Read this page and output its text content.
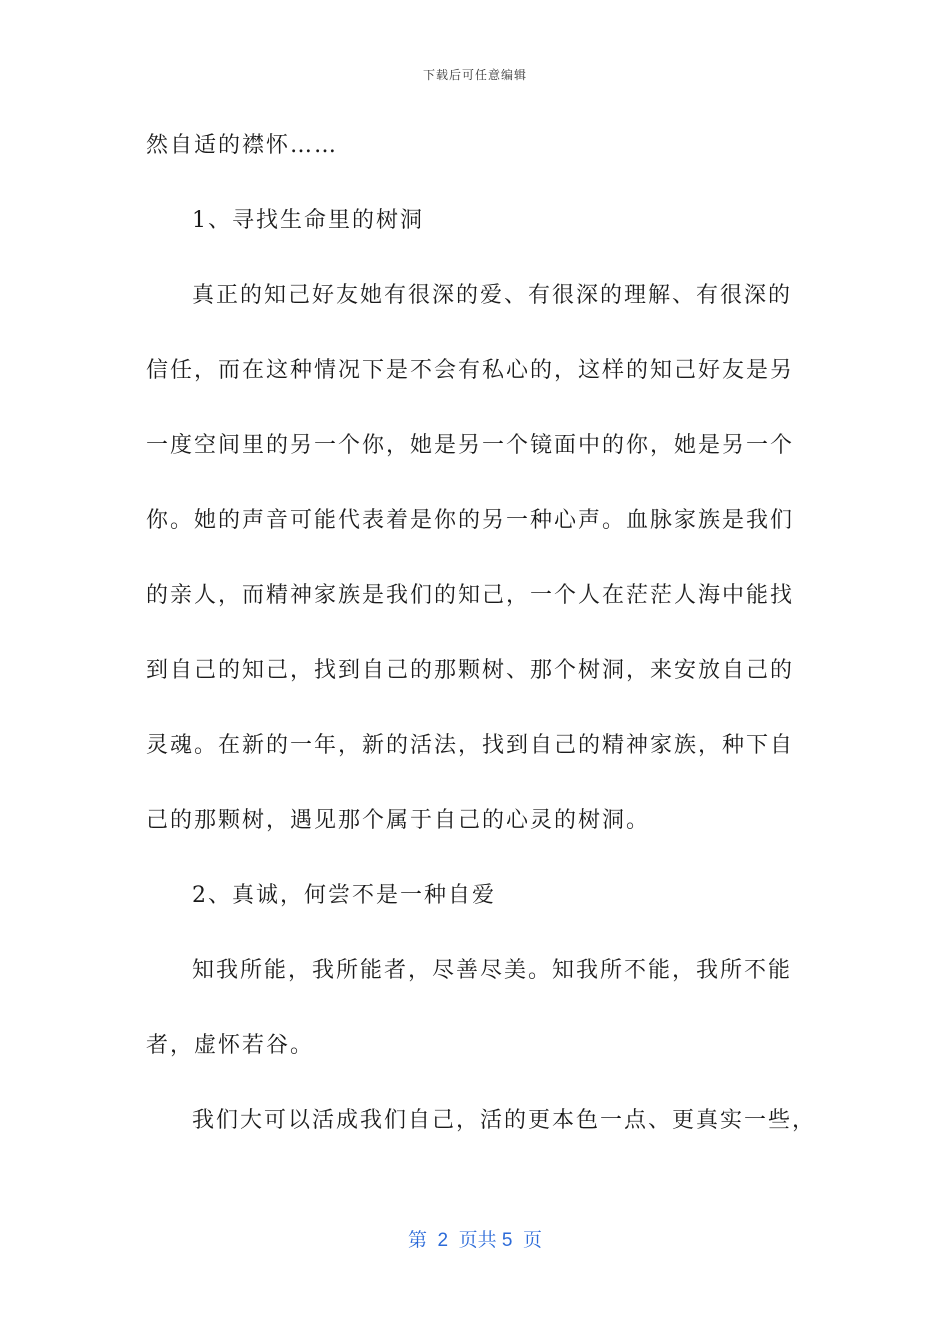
下载后可任意编辑
然自适的襟怀……
1、寻找生命里的树洞
真正的知己好友她有很深的爱、有很深的理解、有很深的
信任，而在这种情况下是不会有私心的，这样的知己好友是另
一度空间里的另一个你，她是另一个镜面中的你，她是另一个
你。她的声音可能代表着是你的另一种心声。血脉家族是我们
的亲人，而精神家族是我们的知己，一个人在茫茫人海中能找
到自己的知己，找到自己的那颗树、那个树洞，来安放自己的
灵魂。在新的一年，新的活法，找到自己的精神家族，种下自
己的那颗树，遇见那个属于自己的心灵的树洞。
2、真诚，何尝不是一种自爱
知我所能，我所能者，尽善尽美。知我所不能，我所不能
者，虚怀若谷。
我们大可以活成我们自己，活的更本色一点、更真实一些，
第  2  页共 5  页
